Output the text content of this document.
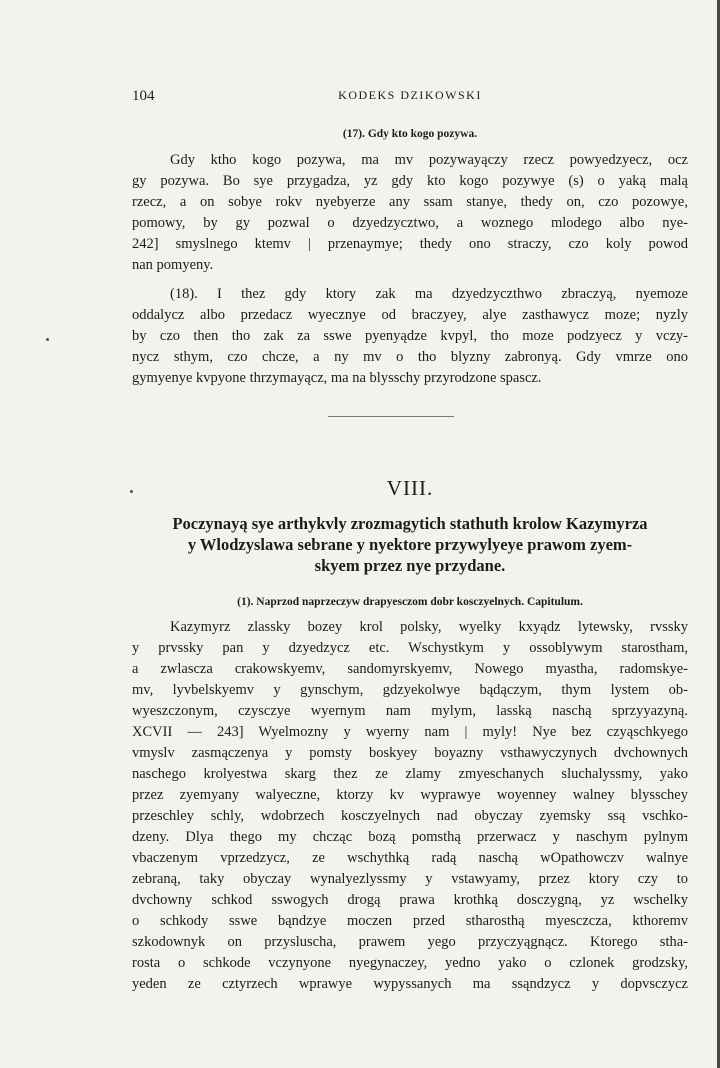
104	KODEKS DZIKOWSKI
(17). Gdy kto kogo pozywa.
Gdy ktho kogo pozywa, ma mv pozywayączy rzecz powyedzyecz, ocz
gy pozywa. Bo sye przygadza, yz gdy kto kogo pozywye (s) o yaką malą
rzecz, a on sobye rokv nyebyerze any ssam stanye, thedy on, czo pozowye,
pomowy, by gy pozwal o dzyedzycztwo, a woznego mlodego albo nye-
242] smyslnego ktemv | przenaymye; thedy ono straczy, czo koly powod
nan pomyeny.
(18). I thez gdy ktory zak ma dzyedzyczthwo zbraczyą, nyemoze
oddalycz albo przedacz wyecznye od braczyey, alye zasthawycz moze; nyzly
by czo then tho zak za sswe pyenyądze kvpyl, tho moze podzyecz y vczy-
nycz sthym, czo chcze, a ny mv o tho blyzny zabronyą. Gdy vmrze ono
gymyenye kvpyone thrzymayącz, ma na blysschy przyrodzone spascz.
VIII.
Poczynayą sye arthykvly zrozmagytich stathuth krolow Kazymyrza
y Wlodzyslawa sebrane y nyektore przywylyeye prawom zyem-
skyem przez nye przydane.
(1). Naprzod naprzeczyw drapyesczom dobr kosczyelnych. Capitulum.
Kazymyrz zlassky bozey krol polsky, wyelky kxyądz lytewsky, rvssky
y prvssky pan y dzyedzycz etc. Wschystkym y ossoblywym starostham,
a zwlascza crakowskyemv, sandomyrskyemv, Nowego myastha, radomskye-
mv, lyvbelskyemv y gynschym, gdzyekolwye bądączym, thym lystem ob-
wyeszczonym, czysczye wyernym nam mylym, lasską naschą sprzyyazyną.
XCVII — 243] Wyelmozny y wyerny nam | myly! Nye bez czyąschkyego
vmyslv zasmączenya y pomsty boskyey boyazny vsthawyczynych dvchownych
naschego krolyestwa skarg thez ze zlamy zmyeschanych sluchalyssmy, yako
przez zyemyany walyeczne, ktorzy kv wyprawye woyenney walney blysschey
przeschley schly, wdobrzech kosczyelnych nad obyczay zyemsky ssą vschko-
dzeny. Dlya thego my chcząc bozą pomsthą przerwacz y naschym pylnym
vbaczenym vprzedzycz, ze wschythką radą naschą wOpathowczv walnye
zebraną, taky obyczay wynalyezlyssmy y vstawyamy, przez ktory czy to
dvchowny schkod sswogych drogą prawa krothką dosczygną, yz wschelky
o schkody sswe bąndzye moczen przed stharosthą myesczcza, kthoremv
szkodownyk on przysluscha, prawem yego przyczyągnącz. Ktorego stha-
rosta o schkode vczynyone nyegynaczey, yedno yako o czlonek grodzsky,
yeden ze cztyrzech wprawye wypyssanych ma ssąndzycz y dopvsczycz
